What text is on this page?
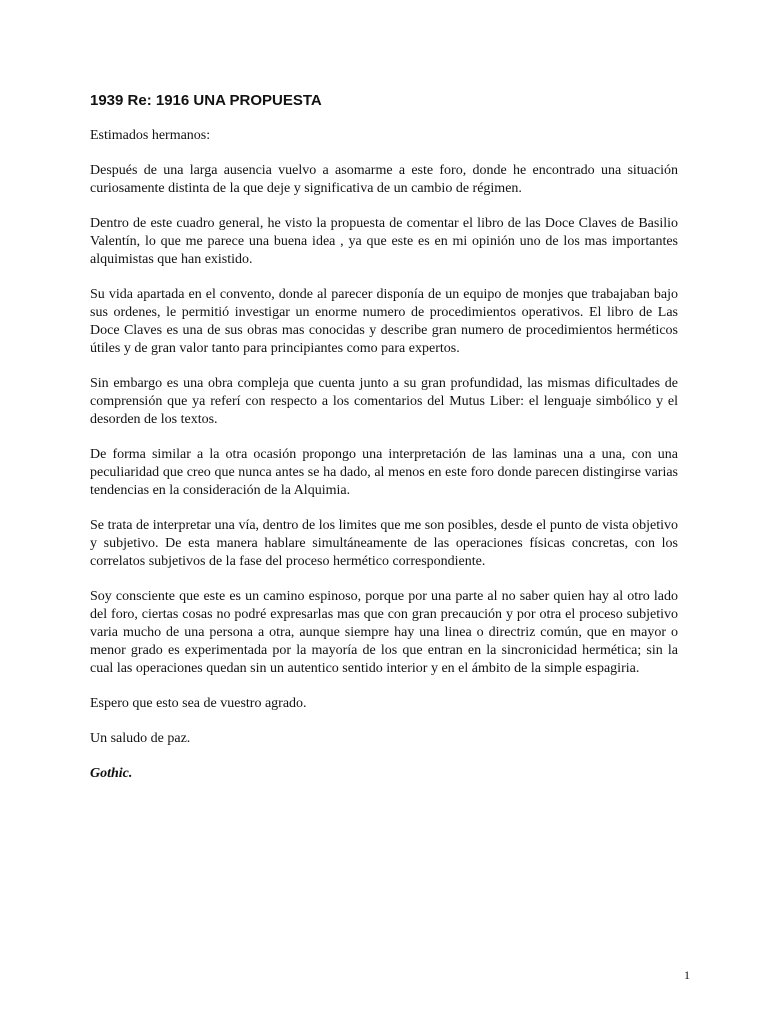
1939 Re: 1916 UNA PROPUESTA

Estimados hermanos:

Después de una larga ausencia vuelvo a asomarme a este foro, donde he encontrado una situación curiosamente distinta de la que deje y significativa de un cambio de régimen.

Dentro de este cuadro general, he visto la propuesta de comentar el libro de las Doce Claves de Basilio Valentín, lo que me parece una buena idea , ya que este es en mi opinión uno de los mas importantes alquimistas que han existido.

Su vida apartada en el convento, donde al parecer disponía de un equipo de monjes que trabajaban bajo sus ordenes, le permitió investigar un enorme numero de procedimientos operativos. El libro de Las Doce Claves es una de sus obras mas conocidas y describe gran numero de procedimientos herméticos útiles y de gran valor tanto para principiantes como para expertos.

Sin embargo es una obra compleja que cuenta junto a su gran profundidad, las mismas dificultades de comprensión que ya referí con respecto a los comentarios del Mutus Liber: el lenguaje simbólico y el desorden de los textos.

De forma similar a la otra ocasión propongo una interpretación de las laminas una a una, con una peculiaridad que creo que nunca antes se ha dado, al menos en este foro donde parecen distingirse varias tendencias en la consideración de la Alquimia.

Se trata de interpretar una vía, dentro de los limites que me son posibles, desde el punto de vista objetivo y subjetivo. De esta manera hablare simultáneamente de las operaciones físicas concretas, con los correlatos subjetivos de la fase del proceso hermético correspondiente.

Soy consciente que este es un camino espinoso, porque por una parte al no saber quien hay al otro lado del foro, ciertas cosas no podré expresarlas mas que con gran precaución y por otra el proceso subjetivo varia mucho de una persona a otra, aunque siempre hay una linea o directriz común, que en mayor o menor grado es experimentada por la mayoría de los que entran en la sincronicidad hermética; sin la cual las operaciones quedan sin un autentico sentido interior y en el ámbito de la simple espagiria.

Espero que esto sea de vuestro agrado.

Un saludo de paz.

Gothic.

1
